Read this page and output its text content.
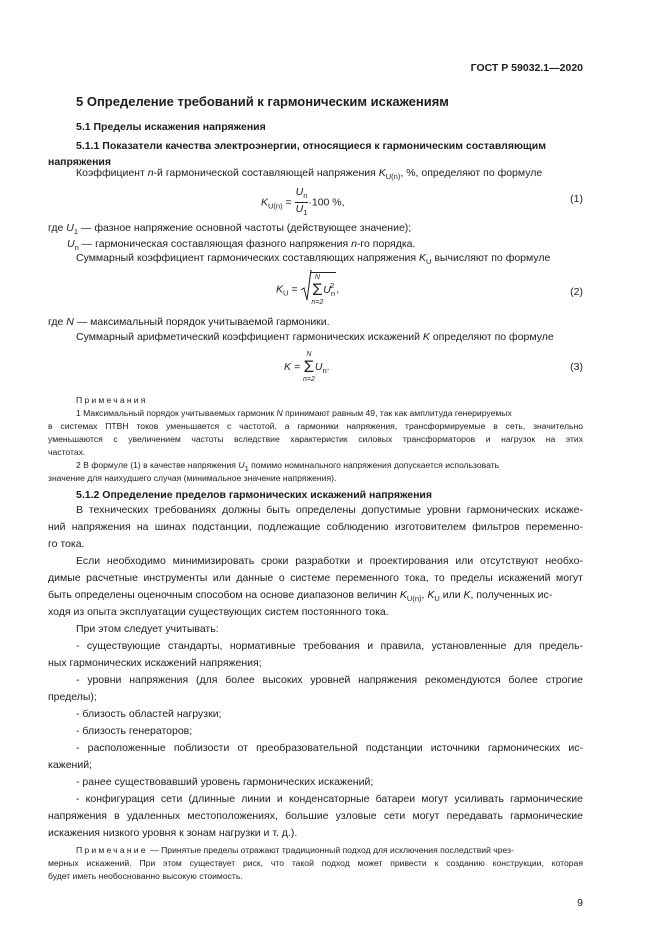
ГОСТ Р 59032.1—2020
5 Определение требований к гармоническим искажениям
5.1 Пределы искажения напряжения
5.1.1 Показатели качества электроэнергии, относящиеся к гармоническим составляющим
напряжения
Коэффициент n-й гармонической составляющей напряжения $K_{U(n)}$, %, определяют по формуле
$K_{U(n)} = \frac{U_n}{U_1} \cdot 100$ %,	(1)
где $U_1$ — фазное напряжение основной частоты (действующее значение);
$U_n$ — гармоническая составляющая фазного напряжения n-го порядка.
Суммарный коэффициент гармонических составляющих напряжения $K_U$ вычисляют по формуле
$K_U$ =
N
Σ
n=2
$U_n^2$ ,	(2)
где N — максимальный порядок учитываемой гармоники.
Суммарный арифметический коэффициент гармонических искажений K определяют по формуле
K =
N
Σ
n=2
$U_n$.	(3)
Примечания
1 Максимальный порядок учитываемых гармоник N принимают равным 49, так как амплитуда генерируемых
в системах ПТВН токов уменьшается с частотой, а гармоники напряжения, трансформируемые в сеть, значительно
уменьшаются с увеличением частоты вследствие характеристик силовых трансформаторов и нагрузок на этих
частотах.
2 В формуле (1) в качестве напряжения U1 помимо номинального напряжения допускается использовать
значение для наихудшего случая (минимальное значение напряжения).
5.1.2 Определение пределов гармонических искажений напряжения
В технических требованиях должны быть определены допустимые уровни гармонических искаже-
ний напряжения на шинах подстанции, подлежащие соблюдению изготовителем фильтров переменно-
го тока.
Если необходимо минимизировать сроки разработки и проектирования или отсутствуют необхо-
димые расчетные инструменты или данные о системе переменного тока, то пределы искажений могут
быть определены оценочным способом на основе диапазонов величин $K_{U(n)}$, $K_U$ или K, полученных ис-
ходя из опыта эксплуатации существующих систем постоянного тока.
При этом следует учитывать:
- существующие стандарты, нормативные требования и правила, установленные для предель-
ных гармонических искажений напряжения;
- уровни напряжения (для более высоких уровней напряжения рекомендуются более строгие
пределы);
- близость областей нагрузки;
- близость генераторов;
- расположенные поблизости от преобразовательной подстанции источники гармонических ис-
кажений;
- ранее существовавший уровень гармонических искажений;
- конфигурация сети (длинные линии и конденсаторные батареи могут усиливать гармонические
напряжения в удаленных местоположениях, большие узловые сети могут передавать гармонические
искажения низкого уровня к зонам нагрузки и т. д.).
Примечание — Принятые пределы отражают традиционный подход для исключения последствий чрез-
мерных искажений. При этом существует риск, что такой подход может привести к созданию конструкции, которая
будет иметь необоснованно высокую стоимость.
9
